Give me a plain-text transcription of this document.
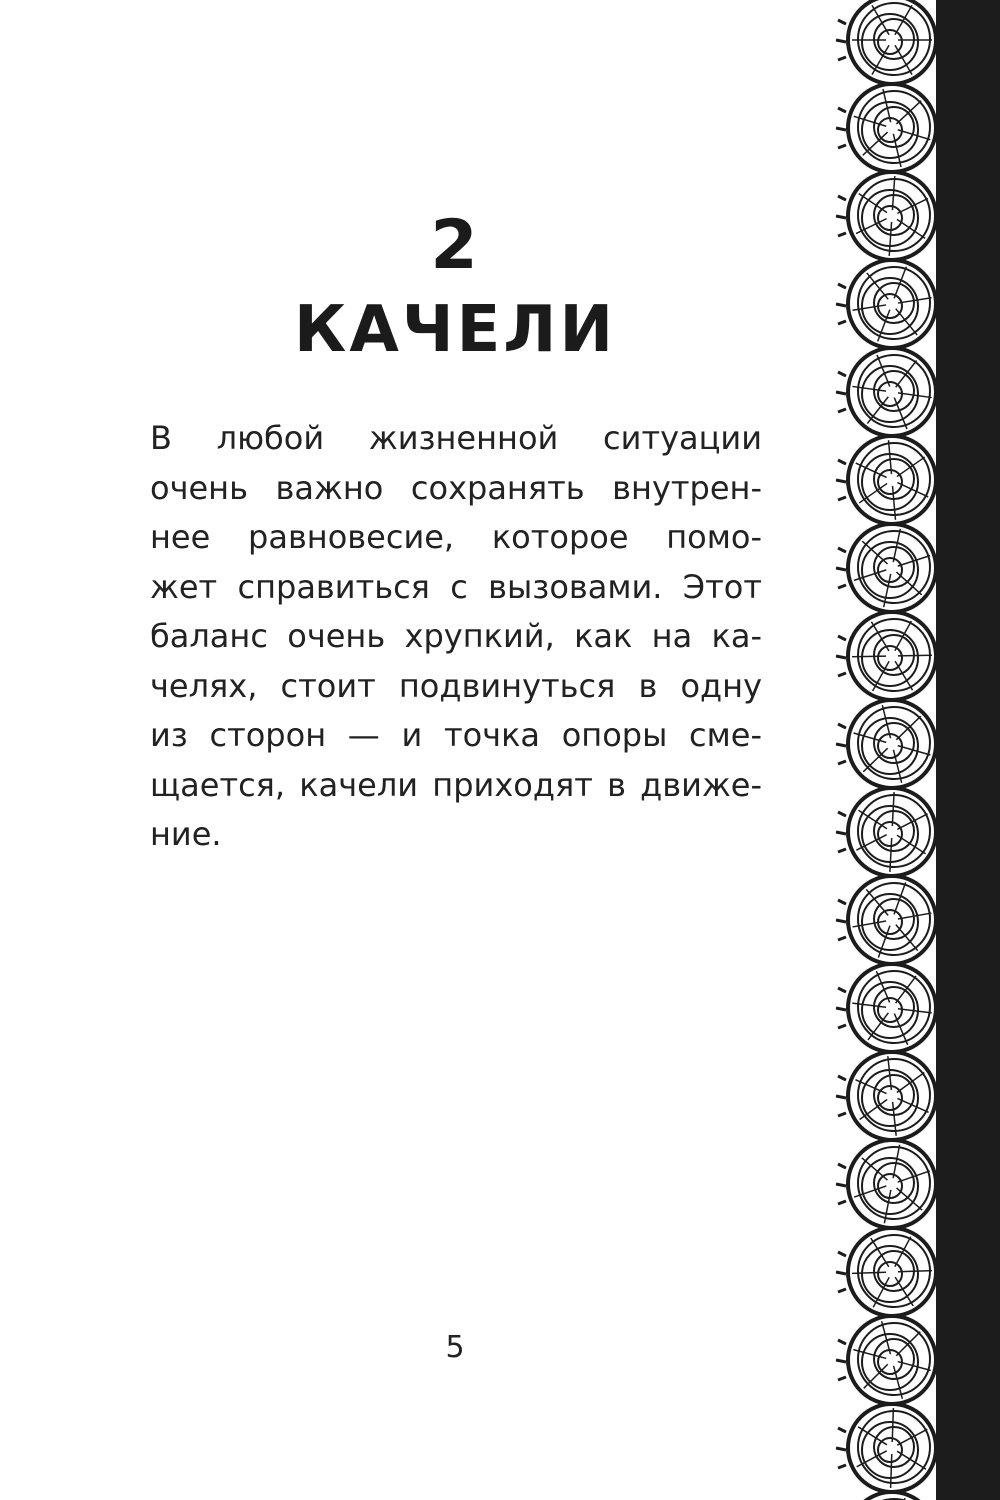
2
КАЧЕЛИ
В любой жизненной ситуации
очень важно сохранять внутрен-
нее равновесие, которое помо-
жет справиться с вызовами. Этот
баланс очень хрупкий, как на ка-
челях, стоит подвинуться в одну
из сторон — и точка опоры сме-
щается, качели приходят в движе-
ние.
5
